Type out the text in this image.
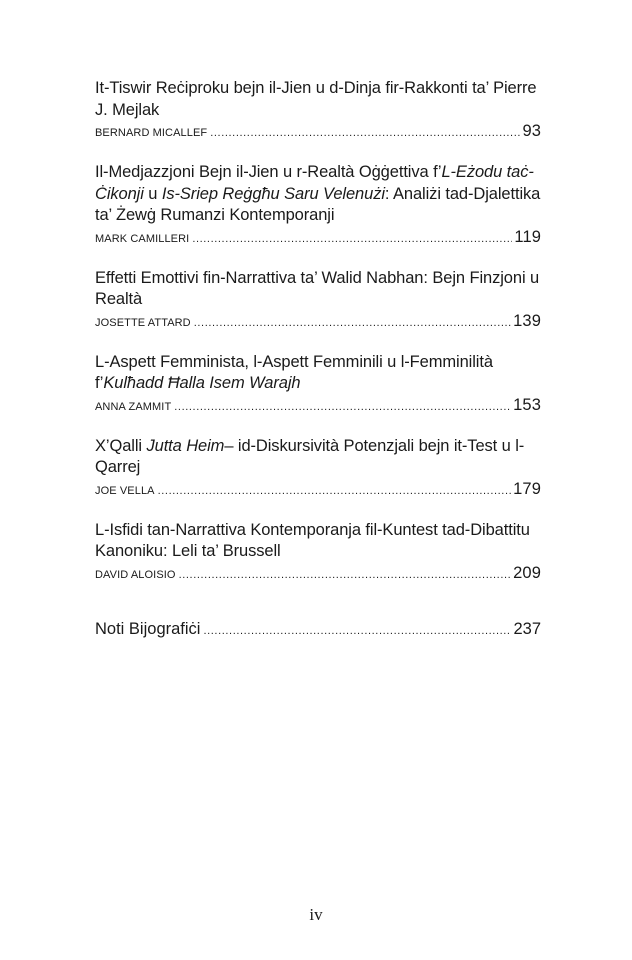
It-Tiswir Reċiproku bejn il-Jien u d-Dinja fir-Rakkonti ta’ Pierre J. Mejlak
BERNARD MICALLEF .....	93
Il-Medjazzjoni Bejn il-Jien u r-Realtà Oġġettiva f’L-Eżodu taċ-Ċikonji u Is-Sriep Reġgħu Saru Velenużi: Analiżi tad-Djalettika ta’ Żewġ Rumanzi Kontemporanji
MARK CAMILLERI .....	119
Effetti Emottivi fin-Narrattiva ta’ Walid Nabhan: Bejn Finzjoni u Realtà
JOSETTE ATTARD .....	139
L-Aspett Femminista, l-Aspett Femminili u l-Femminilità f’Kulħadd Ħalla Isem Warajh
ANNA ZAMMIT .....	153
X’Qalli Jutta Heim– id-Diskursività Potenzjali bejn it-Test u l-Qarrej
JOE VELLA .....	179
L-Isfidi tan-Narrattiva Kontemporanja fil-Kuntest tad-Dibattitu Kanoniku: Leli ta’ Brussell
DAVID ALOISIO .....	209
Noti Bijografiċi .....	237
iv
